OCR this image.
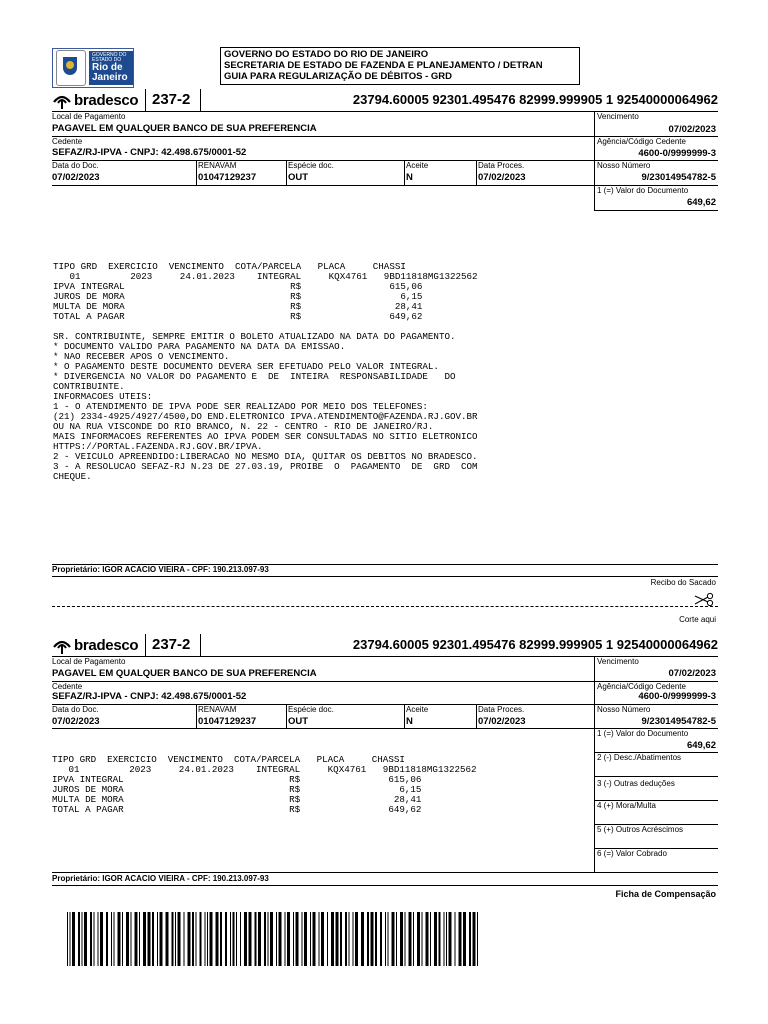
GOVERNO DO
ESTADO DO
Rio de
Janeiro
GOVERNO DO ESTADO DO RIO DE JANEIRO
SECRETARIA DE ESTADO DE FAZENDA E PLANEJAMENTO / DETRAN
GUIA PARA REGULARIZAÇÃO DE DÉBITOS - GRD
bradesco 237-2	23794.60005 92301.495476 82999.999905 1 92540000064962
Local de Pagamento
PAGAVEL EM QUALQUER BANCO DE SUA PREFERENCIA
Vencimento
07/02/2023
Cedente
SEFAZ/RJ-IPVA - CNPJ: 42.498.675/0001-52
Agência/Código Cedente
4600-0/9999999-3
Data do Doc.
07/02/2023
RENAVAM
01047129237
Espécie doc.
OUT
Aceite
N
Data Proces.
07/02/2023
Nosso Número
9/23014954782-5
1 (=) Valor do Documento
649,62
TIPO GRD  EXERCICIO  VENCIMENTO  COTA/PARCELA   PLACA     CHASSI
01         2023     24.01.2023    INTEGRAL     KQX4761   9BD11818MG1322562
IPVA INTEGRAL                              R$                615,06
JUROS DE MORA                              R$                  6,15
MULTA DE MORA                              R$                 28,41
TOTAL A PAGAR                              R$                649,62

SR. CONTRIBUINTE, SEMPRE EMITIR O BOLETO ATUALIZADO NA DATA DO PAGAMENTO.
* DOCUMENTO VALIDO PARA PAGAMENTO NA DATA DA EMISSAO.
* NAO RECEBER APOS O VENCIMENTO.
* O PAGAMENTO DESTE DOCUMENTO DEVERA SER EFETUADO PELO VALOR INTEGRAL.
* DIVERGENCIA NO VALOR DO PAGAMENTO E  DE  INTEIRA  RESPONSABILIDADE   DO
CONTRIBUINTE.
INFORMACOES UTEIS:
1 - O ATENDIMENTO DE IPVA PODE SER REALIZADO POR MEIO DOS TELEFONES:
(21) 2334-4925/4927/4500,DO END.ELETRONICO IPVA.ATENDIMENTO@FAZENDA.RJ.GOV.BR
OU NA RUA VISCONDE DO RIO BRANCO, N. 22 - CENTRO - RIO DE JANEIRO/RJ.
MAIS INFORMACOES REFERENTES AO IPVA PODEM SER CONSULTADAS NO SITIO ELETRONICO
HTTPS://PORTAL.FAZENDA.RJ.GOV.BR/IPVA.
2 - VEICULO APREENDIDO:LIBERACAO NO MESMO DIA, QUITAR OS DEBITOS NO BRADESCO.
3 - A RESOLUCAO SEFAZ-RJ N.23 DE 27.03.19, PROIBE  O  PAGAMENTO  DE  GRD  COM
CHEQUE.
Proprietário: IGOR ACACIO VIEIRA - CPF: 190.213.097-93
Recibo do Sacado
Corte aqui
bradesco 237-2	23794.60005 92301.495476 82999.999905 1 92540000064962
Local de Pagamento
PAGAVEL EM QUALQUER BANCO DE SUA PREFERENCIA
Vencimento
07/02/2023
Cedente
SEFAZ/RJ-IPVA - CNPJ: 42.498.675/0001-52
Agência/Código Cedente
4600-0/9999999-3
Data do Doc.
07/02/2023
RENAVAM
01047129237
Espécie doc.
OUT
Aceite
N
Data Proces.
07/02/2023
Nosso Número
9/23014954782-5
1 (=) Valor do Documento
649,62
2 (-) Desc./Abatimentos
3 (-) Outras deduções
4 (+) Mora/Multa
5 (+) Outros Acréscimos
6 (=) Valor Cobrado
TIPO GRD  EXERCICIO  VENCIMENTO  COTA/PARCELA   PLACA     CHASSI
01         2023     24.01.2023    INTEGRAL     KQX4761   9BD11818MG1322562
IPVA INTEGRAL                              R$                615,06
JUROS DE MORA                              R$                  6,15
MULTA DE MORA                              R$                 28,41
TOTAL A PAGAR                              R$                649,62
Proprietário: IGOR ACACIO VIEIRA - CPF: 190.213.097-93
Ficha de Compensação
